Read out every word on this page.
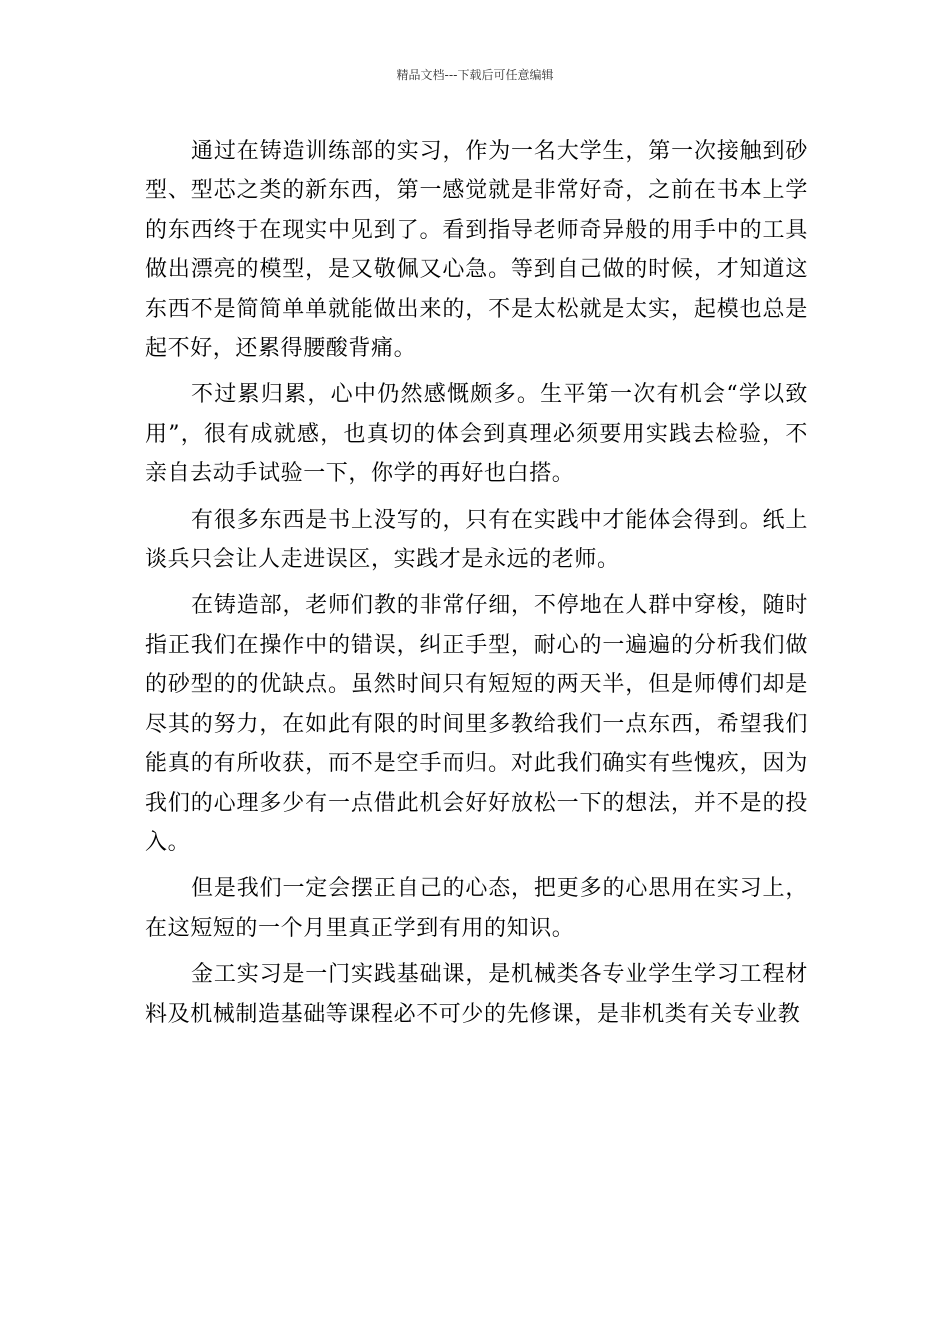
精品文档---下载后可任意编辑

通过在铸造训练部的实习，作为一名大学生，第一次接触到砂型、型芯之类的新东西，第一感觉就是非常好奇，之前在书本上学的东西终于在现实中见到了。看到指导老师奇异般的用手中的工具做出漂亮的模型，是又敬佩又心急。等到自己做的时候，才知道这东西不是简简单单就能做出来的，不是太松就是太实，起模也总是起不好，还累得腰酸背痛。

不过累归累，心中仍然感慨颇多。生平第一次有机会“学以致用”，很有成就感，也真切的体会到真理必须要用实践去检验，不亲自去动手试验一下，你学的再好也白搭。

有很多东西是书上没写的，只有在实践中才能体会得到。纸上谈兵只会让人走进误区，实践才是永远的老师。

在铸造部，老师们教的非常仔细，不停地在人群中穿梭，随时指正我们在操作中的错误，纠正手型，耐心的一遍遍的分析我们做的砂型的的优缺点。虽然时间只有短短的两天半，但是师傅们却是尽其的努力，在如此有限的时间里多教给我们一点东西，希望我们能真的有所收获，而不是空手而归。对此我们确实有些愧疚，因为我们的心理多少有一点借此机会好好放松一下的想法，并不是的投入。

但是我们一定会摆正自己的心态，把更多的心思用在实习上，在这短短的一个月里真正学到有用的知识。

金工实习是一门实践基础课，是机械类各专业学生学习工程材料及机械制造基础等课程必不可少的先修课，是非机类有关专业教
